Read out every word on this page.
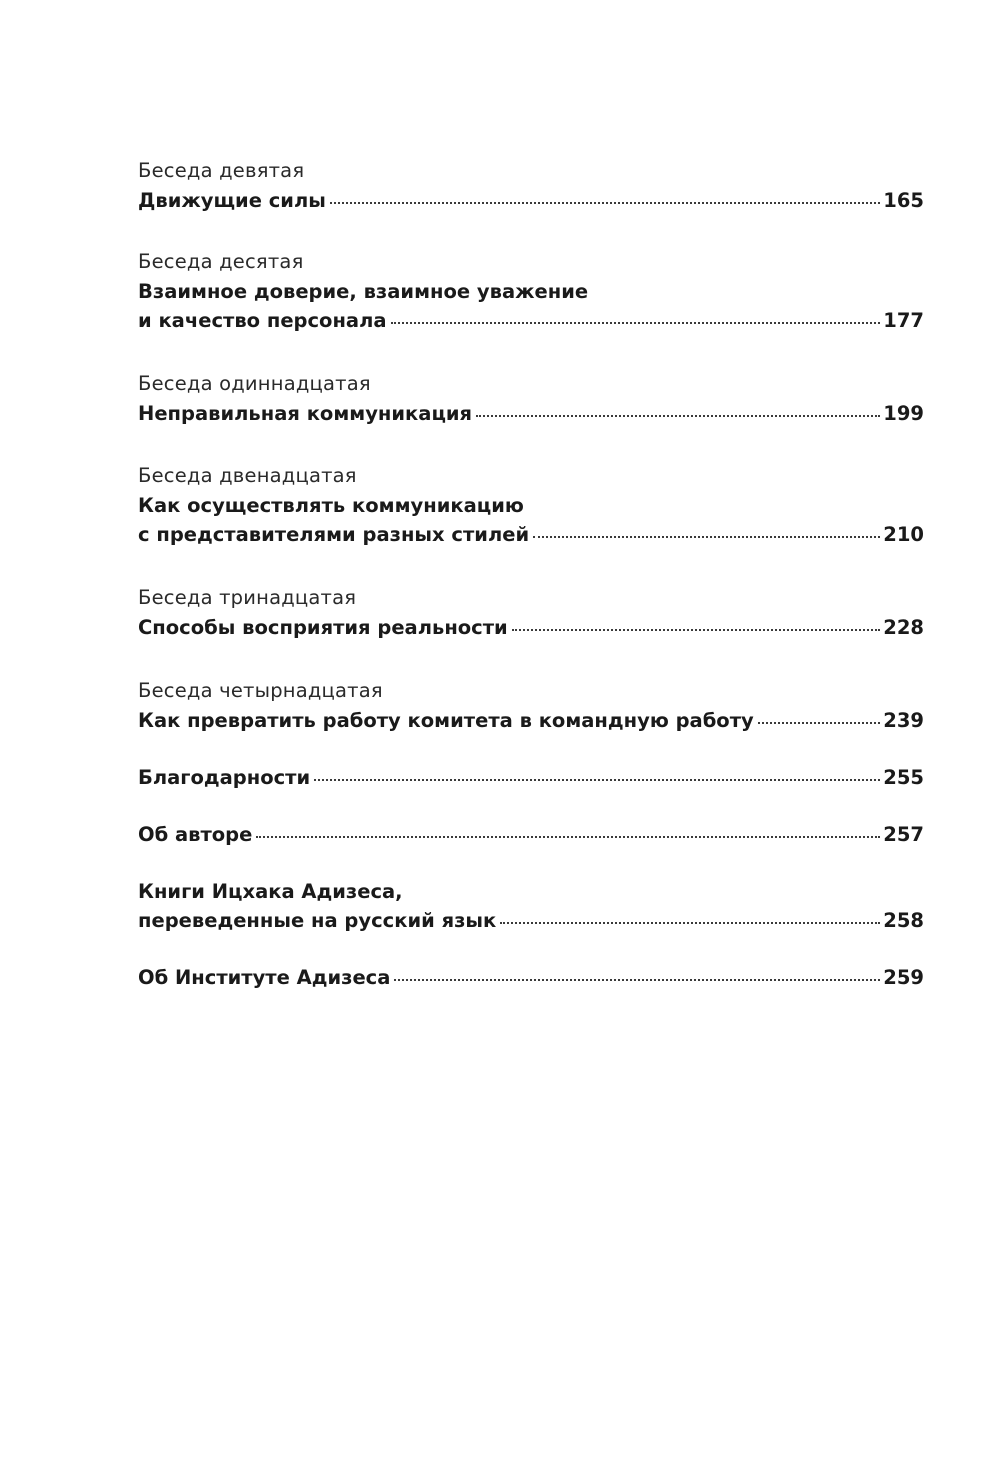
Беседа девятая
Движущие силы	165
Беседа десятая
Взаимное доверие, взаимное уважение
и качество персонала	177
Беседа одиннадцатая
Неправильная коммуникация	199
Беседа двенадцатая
Как осуществлять коммуникацию
с представителями разных стилей	210
Беседа тринадцатая
Способы восприятия реальности	228
Беседа четырнадцатая
Как превратить работу комитета в командную работу	239
Благодарности	255
Об авторе	257
Книги Ицхака Адизеса,
переведенные на русский язык	258
Об Институте Адизеса	259
